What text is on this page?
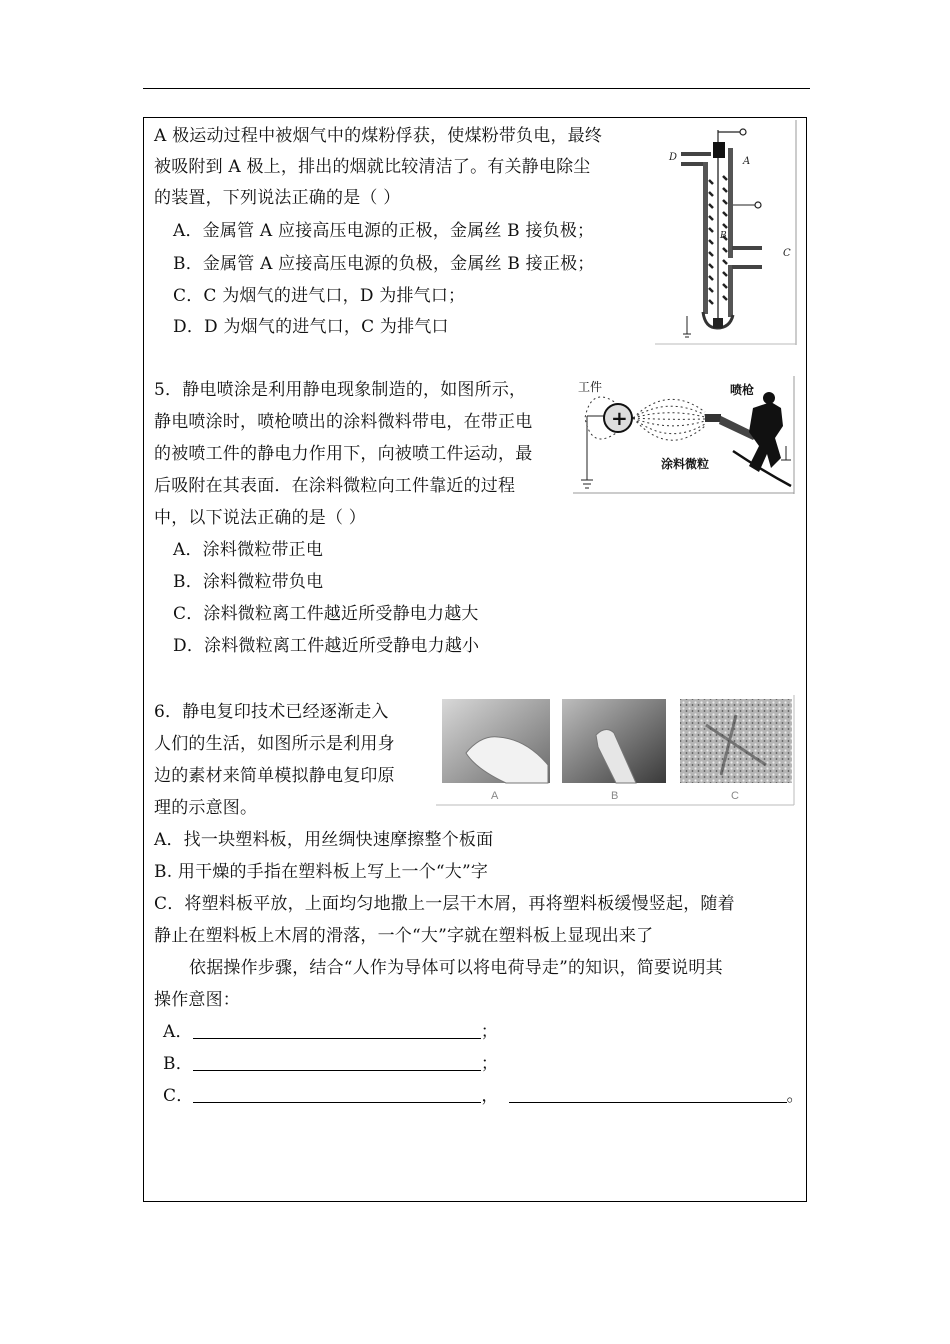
A 极运动过程中被烟气中的煤粉俘获，使煤粉带负电，最终
被吸附到 A 极上，排出的烟就比较清洁了。有关静电除尘
的装置，下列说法正确的是（ ）
A．金属管 A 应接高压电源的正极，金属丝 B 接负极；
B．金属管 A 应接高压电源的负极，金属丝 B 接正极；
C．C 为烟气的进气口，D 为排气口；
D．D 为烟气的进气口，C 为排气口
D	A
B
C
5．静电喷涂是利用静电现象制造的，如图所示，
静电喷涂时，喷枪喷出的涂料微料带电，在带正电
的被喷工件的静电力作用下，向被喷工件运动，最
后吸附在其表面．在涂料微粒向工件靠近的过程
中，以下说法正确的是（ ）
A．涂料微粒带正电
B．涂料微粒带负电
C．涂料微粒离工件越近所受静电力越大
D．涂料微粒离工件越近所受静电力越小
+
工件	喷枪
涂料微粒
6．静电复印技术已经逐渐走入
人们的生活，如图所示是利用身
边的素材来简单模拟静电复印原
理的示意图。
A	B	C
A．找一块塑料板，用丝绸快速摩擦整个板面
B. 用干燥的手指在塑料板上写上一个“大”字
C．将塑料板平放，上面均匀地撒上一层干木屑，再将塑料板缓慢竖起，随着
静止在塑料板上木屑的滑落，一个“大”字就在塑料板上显现出来了
依据操作步骤，结合“人作为导体可以将电荷导走”的知识，简要说明其
操作意图：
A．	；
B．	；
C．	，	。
